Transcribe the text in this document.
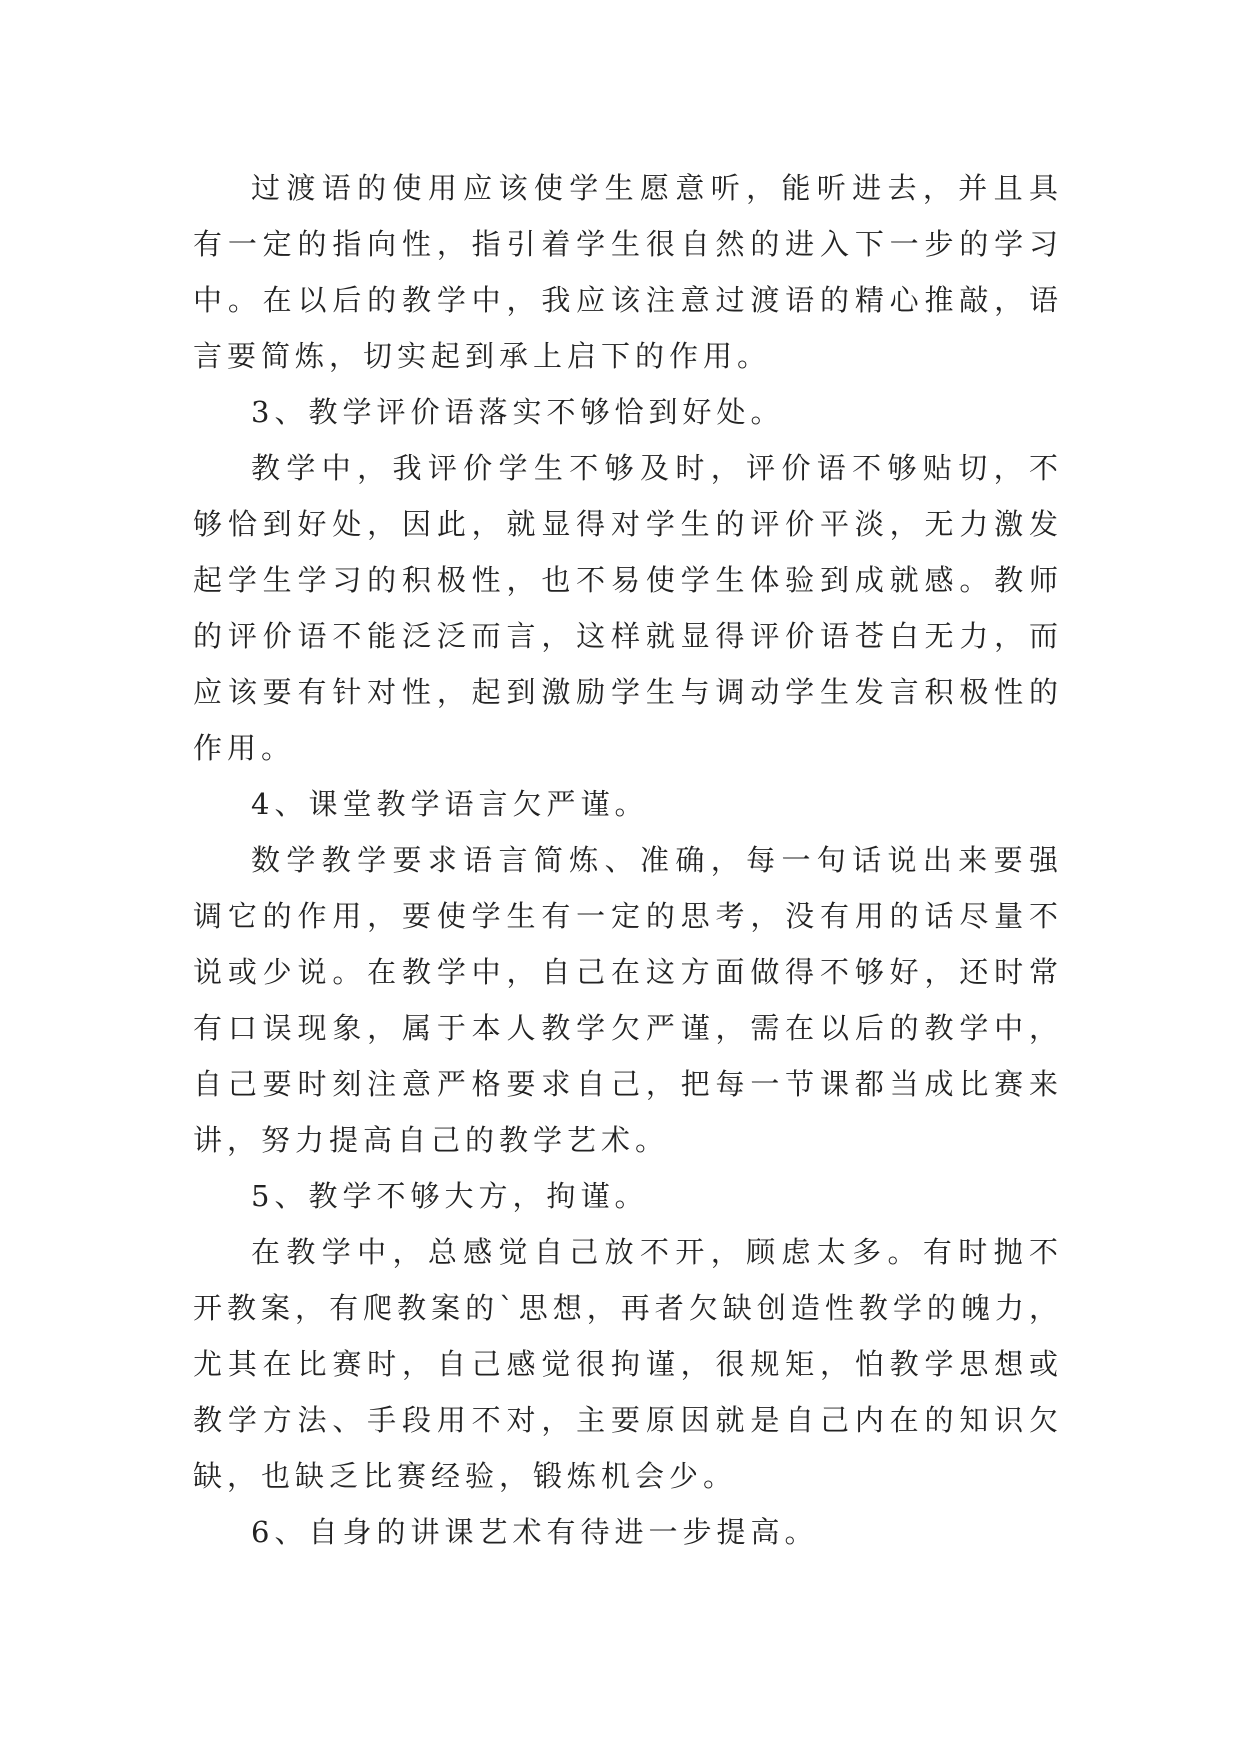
过渡语的使用应该使学生愿意听，能听进去，并且具有一定的指向性，指引着学生很自然的进入下一步的学习中。在以后的教学中，我应该注意过渡语的精心推敲，语言要简炼，切实起到承上启下的作用。

3、教学评价语落实不够恰到好处。

教学中，我评价学生不够及时，评价语不够贴切，不够恰到好处，因此，就显得对学生的评价平淡，无力激发起学生学习的积极性，也不易使学生体验到成就感。教师的评价语不能泛泛而言，这样就显得评价语苍白无力，而应该要有针对性，起到激励学生与调动学生发言积极性的作用。

4、课堂教学语言欠严谨。

数学教学要求语言简炼、准确，每一句话说出来要强调它的作用，要使学生有一定的思考，没有用的话尽量不说或少说。在教学中，自己在这方面做得不够好，还时常有口误现象，属于本人教学欠严谨，需在以后的教学中，自己要时刻注意严格要求自己，把每一节课都当成比赛来讲，努力提高自己的教学艺术。

5、教学不够大方，拘谨。

在教学中，总感觉自己放不开，顾虑太多。有时抛不开教案，有爬教案的`思想，再者欠缺创造性教学的魄力，尤其在比赛时，自己感觉很拘谨，很规矩，怕教学思想或教学方法、手段用不对，主要原因就是自己内在的知识欠缺，也缺乏比赛经验，锻炼机会少。

6、自身的讲课艺术有待进一步提高。
